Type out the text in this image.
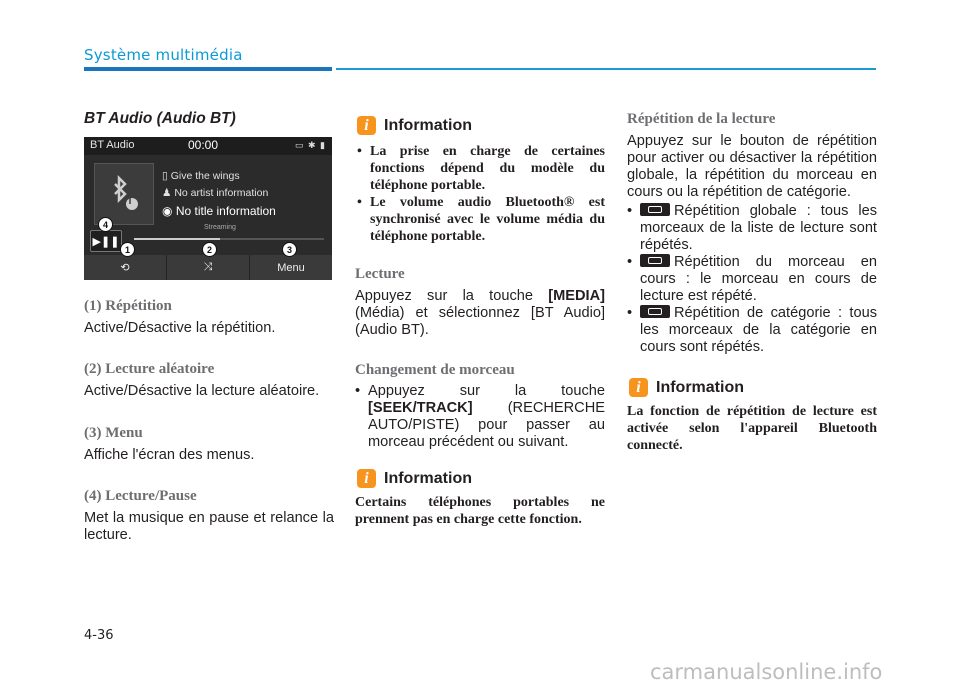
Système multimédia
BT Audio (Audio BT)
BT Audio	00:00	▭ ✱ ▮
▯ Give the wings
♟ No artist information
◉ No title information
Streaming
▶❚❚
4
⟲	⤨	Menu
1	2	3
(1) Répétition
Active/Désactive la répétition.
(2) Lecture aléatoire
Active/Désactive la lecture aléatoire.
(3) Menu
Affiche l'écran des menus.
(4) Lecture/Pause
Met la musique en pause et relance la lecture.
i Information
• La prise en charge de certaines fonctions dépend du modèle du téléphone portable.
• Le volume audio Bluetooth® est synchronisé avec le volume média du téléphone portable.
Lecture
Appuyez sur la touche [MEDIA] (Média) et sélectionnez [BT Audio] (Audio BT).
Changement de morceau
• Appuyez sur la touche [SEEK/TRACK] (RECHERCHE AUTO/PISTE) pour passer au morceau précédent ou suivant.
i Information
Certains téléphones portables ne prennent pas en charge cette fonction.
Répétition de la lecture
Appuyez sur le bouton de répétition pour activer ou désactiver la répétition globale, la répétition du morceau en cours ou la répétition de catégorie.
• Répétition globale : tous les morceaux de la liste de lecture sont répétés.
• Répétition du morceau en cours : le morceau en cours de lecture est répété.
• Répétition de catégorie : tous les morceaux de la catégorie en cours sont répétés.
i Information
La fonction de répétition de lecture est activée selon l'appareil Bluetooth connecté.
4-36
carmanualsonline.info
